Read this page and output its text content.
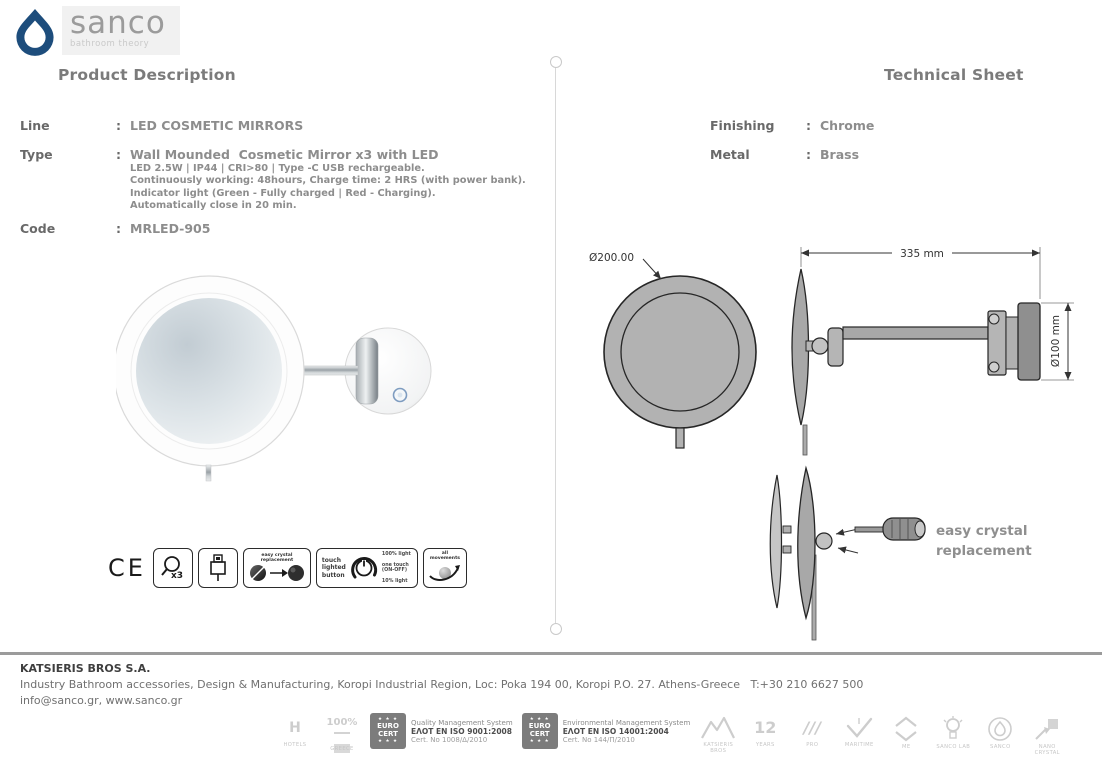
sanco
bathroom theory
Product Description	Technical Sheet
Line	: LED COSMETIC MIRRORS
Type	: Wall Mounded  Cosmetic Mirror x3 with LED
LED 2.5W | IP44 | CRI>80 | Type -C USB rechargeable.
Continuously working: 48hours, Charge time: 2 HRS (with power bank).
Indicator light (Green - Fully charged | Red - Charging).
Automatically close in 20 min.
Code	: MRLED-905
CE	x3
easy crystal replacement	touch lighted button
100% light
one touch (ON-OFF)
10% light
all movements
Finishing	: Chrome
Metal	: Brass
Ø200.00	335 mm
Ø100 mm
easy crystal replacement
KATSIERIS BROS S.A.
Industry Bathroom accessories, Design & Manufacturing, Koropi Industrial Region, Loc: Poka 194 00, Koropi P.O. 27. Athens-Greece   T:+30 210 6627 500
info@sanco.gr, www.sanco.gr
H
HOTELS
100%
GREECE
★ ★ ★
EURO CERT
★ ★ ★
Quality Management System
ΕΛΟΤ EN ISO 9001:2008
Cert. No 1008/Δ/2010
★ ★ ★
EURO CERT
★ ★ ★
Environmental Management System
ΕΛΟΤ EN ISO 14001:2004
Cert. No 144/Π/2010
KATSIERIS BROS
12
YEARS
///
PRO	MARITIME	ME	SANCO LAB	SANCO	NANO CRYSTAL
